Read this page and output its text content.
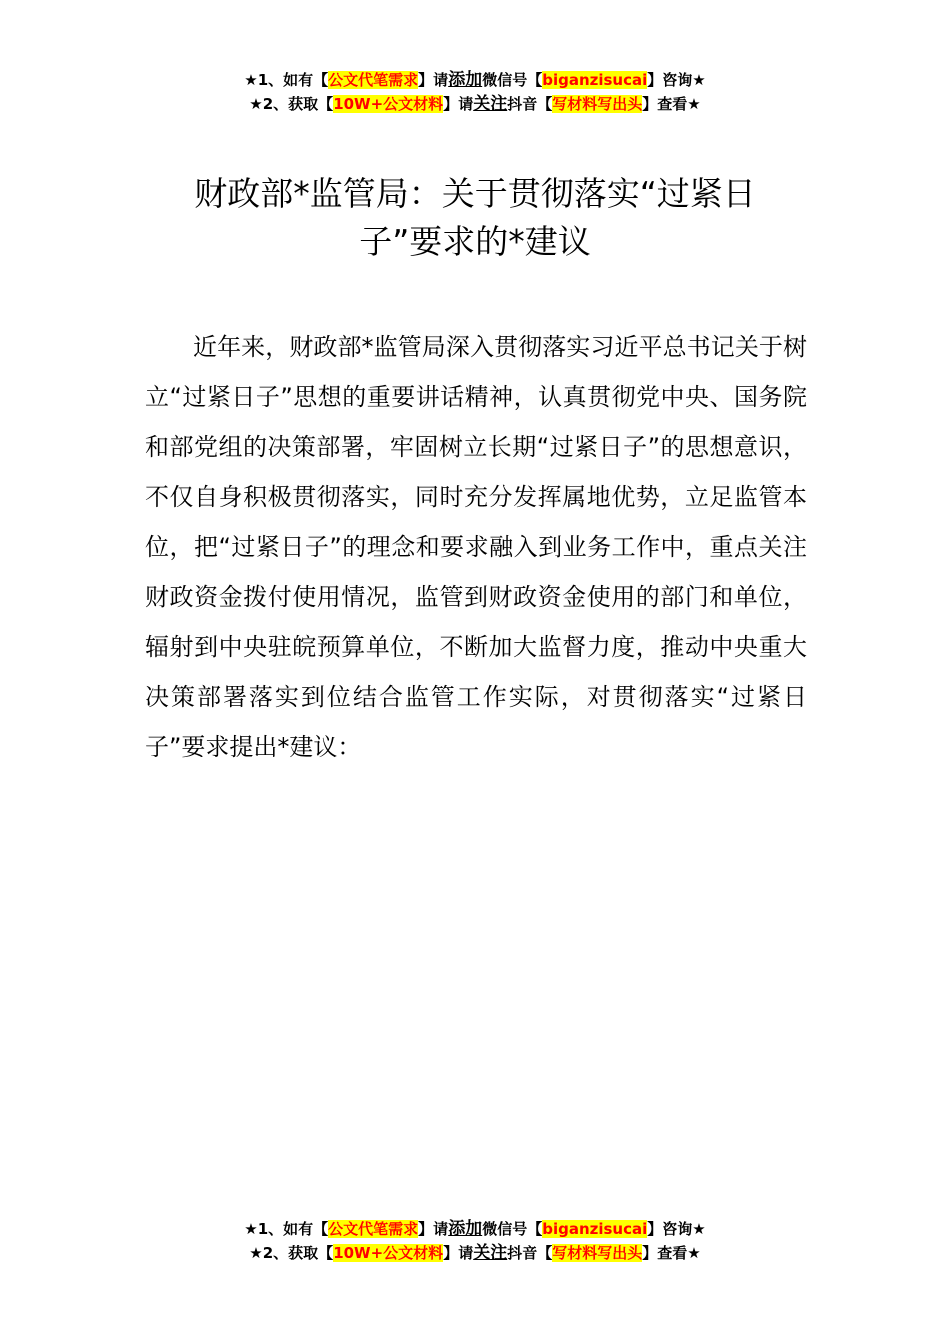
★1、如有【公文代笔需求】请添加微信号【biganzisucai】咨询★
★2、获取【10W+公文材料】请关注抖音【写材料写出头】查看★
财政部*监管局：关于贯彻落实“过紧日子”要求的*建议

近年来，财政部*监管局深入贯彻落实习近平总书记关于树立“过紧日子”思想的重要讲话精神，认真贯彻党中央、国务院和部党组的决策部署，牢固树立长期“过紧日子”的思想意识，不仅自身积极贯彻落实，同时充分发挥属地优势，立足监管本位，把“过紧日子”的理念和要求融入到业务工作中，重点关注财政资金拨付使用情况，监管到财政资金使用的部门和单位，辐射到中央驻皖预算单位，不断加大监督力度，推动中央重大决策部署落实到位结合监管工作实际，对贯彻落实“过紧日子”要求提出*建议：

★1、如有【公文代笔需求】请添加微信号【biganzisucai】咨询★
★2、获取【10W+公文材料】请关注抖音【写材料写出头】查看★
